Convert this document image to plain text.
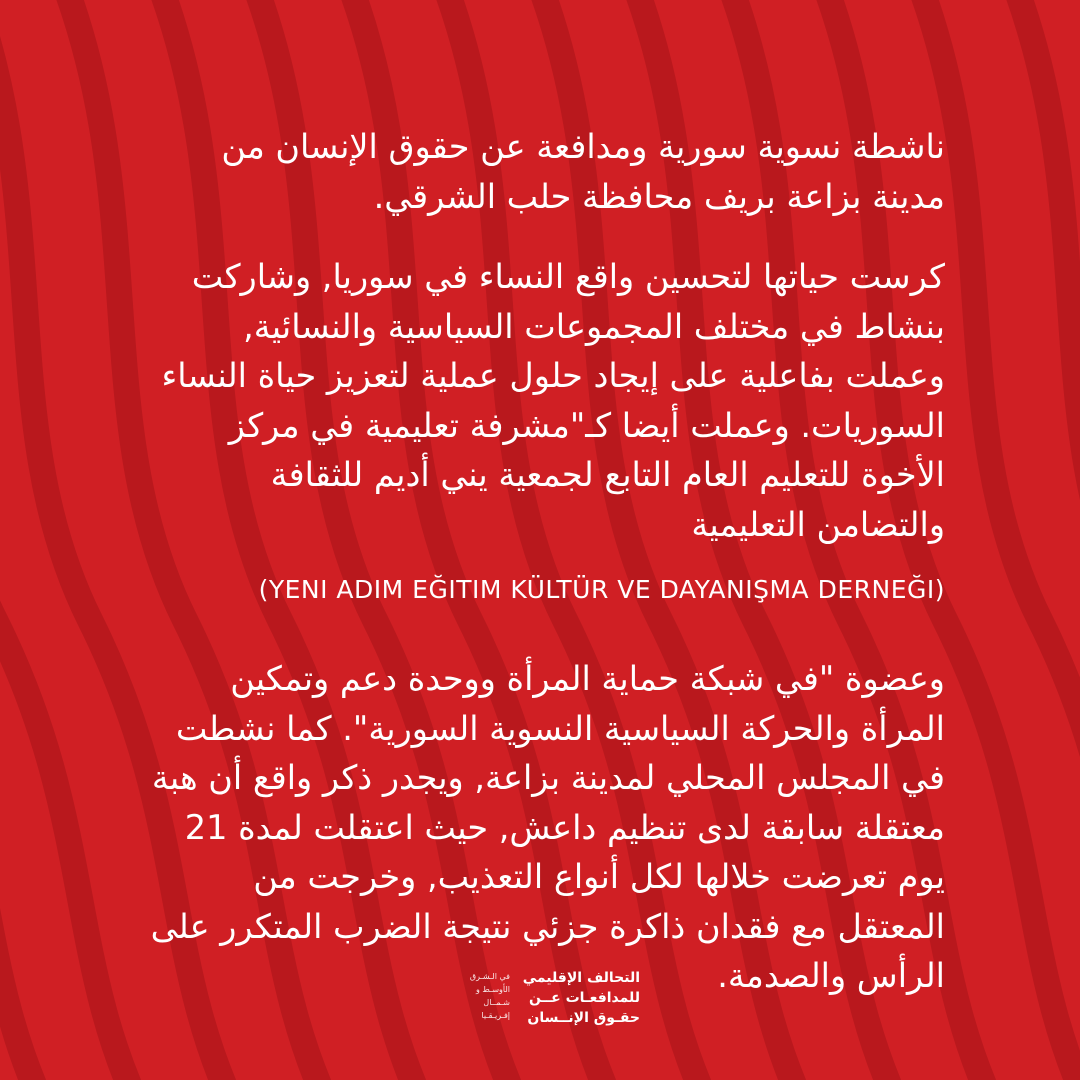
ناشطة نسوية سورية ومدافعة عن حقوق الإنسان من مدينة بزاعة بريف محافظة حلب الشرقي.

كرست حياتها لتحسين واقع النساء في سوريا, وشاركت بنشاط في مختلف المجموعات السياسية والنسائية, وعملت بفاعلية على إيجاد حلول عملية لتعزيز حياة النساء السوريات. وعملت أيضا كـ"مشرفة تعليمية في مركز الأخوة للتعليم العام التابع لجمعية يني أديم للثقافة والتضامن التعليمية

(YENI ADIM EĞITIM KÜLTÜR VE DAYANIŞMA DERNEĞI)

وعضوة "في شبكة حماية المرأة ووحدة دعم وتمكين المرأة والحركة السياسية النسوية السورية". كما نشطت في المجلس المحلي لمدينة بزاعة, ويجدر ذكر واقع أن هبة معتقلة سابقة لدى تنظيم داعش, حيث اعتقلت لمدة 21 يوم تعرضت خلالها لكل أنواع التعذيب, وخرجت من المعتقل مع فقدان ذاكرة جزئي نتيجة الضرب المتكرر على الرأس والصدمة.

التحالف الإقليمي
للمدافعـات عــن
حقـوق الإنــسان
في الـشـرق
الأوسـط و
شـمــال
إفـريـقـيا
